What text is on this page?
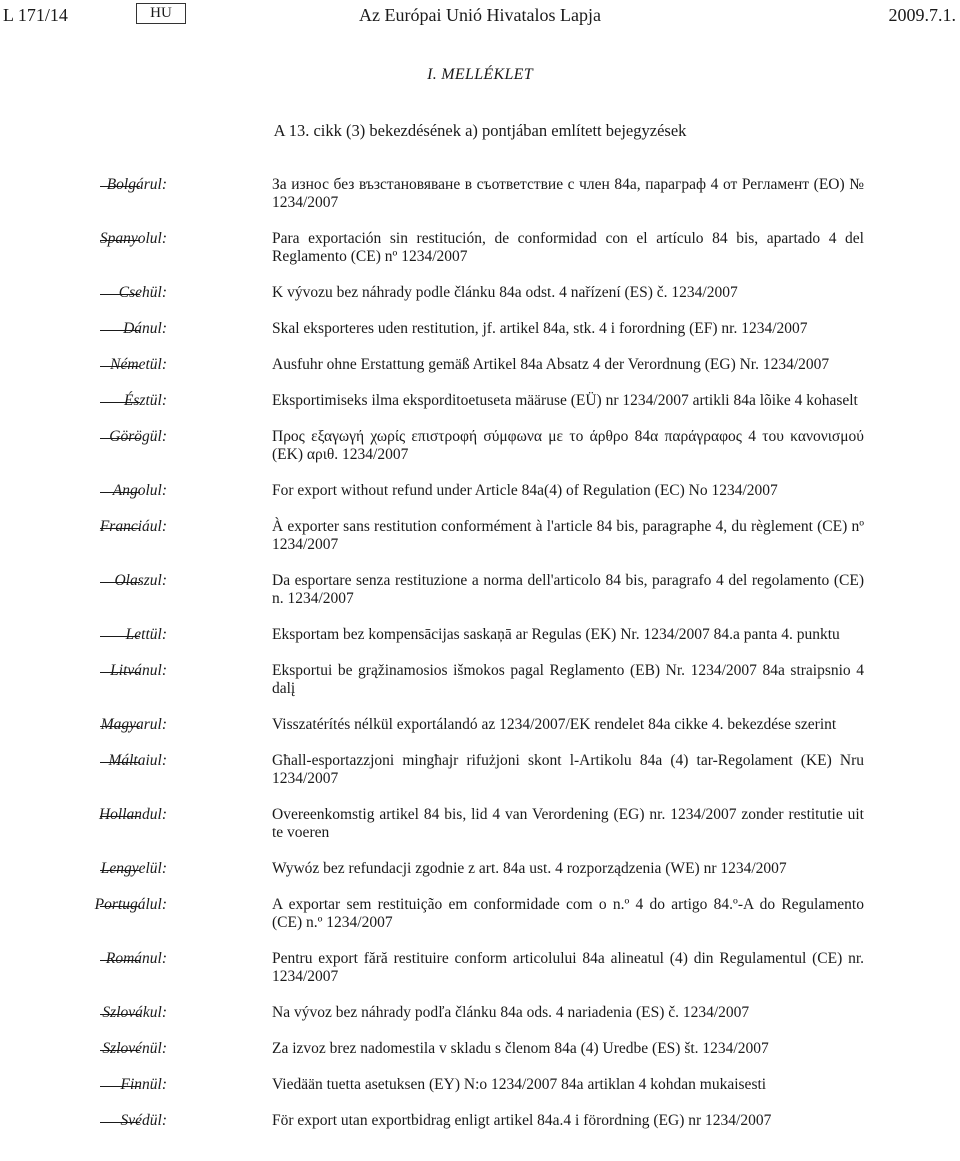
L 171/14	HU	Az Európai Unió Hivatalos Lapja	2009.7.1.
I. MELLÉKLET
A 13. cikk (3) bekezdésének a) pontjában említett bejegyzések
Bolgárul:	За износ без възстановяване в съответствие с член 84а, параграф 4 от Регламент (ЕО) № 1234/2007
Spanyolul:	Para exportación sin restitución, de conformidad con el artículo 84 bis, apartado 4 del Reglamento (CE) nº 1234/2007
Csehül:	K vývozu bez náhrady podle článku 84a odst. 4 nařízení (ES) č. 1234/2007
Dánul:	Skal eksporteres uden restitution, jf. artikel 84a, stk. 4 i forordning (EF) nr. 1234/2007
Németül:	Ausfuhr ohne Erstattung gemäß Artikel 84a Absatz 4 der Verordnung (EG) Nr. 1234/2007
Észtül:	Eksportimiseks ilma eksporditoetuseta määruse (EÜ) nr 1234/2007 artikli 84a lõike 4 kohaselt
Görögül:	Προς εξαγωγή χωρίς επιστροφή σύμφωνα με το άρθρο 84α παράγραφος 4 του κανονισμού (ΕΚ) αριθ. 1234/2007
Angolul:	For export without refund under Article 84a(4) of Regulation (EC) No 1234/2007
Franciául:	À exporter sans restitution conformément à l'article 84 bis, paragraphe 4, du règlement (CE) nº 1234/2007
Olaszul:	Da esportare senza restituzione a norma dell'articolo 84 bis, paragrafo 4 del regolamento (CE) n. 1234/2007
Lettül:	Eksportam bez kompensācijas saskaņā ar Regulas (EK) Nr. 1234/2007 84.a panta 4. punktu
Litvánul:	Eksportui be grąžinamosios išmokos pagal Reglamento (EB) Nr. 1234/2007 84a straipsnio 4 dalį
Magyarul:	Visszatérítés nélkül exportálandó az 1234/2007/EK rendelet 84a cikke 4. bekezdése szerint
Máltaiul:	Għall-esportazzjoni mingħajr rifużjoni skont l-Artikolu 84a (4) tar-Regolament (KE) Nru 1234/2007
Hollandul:	Overeenkomstig artikel 84 bis, lid 4 van Verordening (EG) nr. 1234/2007 zonder restitutie uit te voeren
Lengyelül:	Wywóz bez refundacji zgodnie z art. 84a ust. 4 rozporządzenia (WE) nr 1234/2007
Portugálul:	A exportar sem restituição em conformidade com o n.º 4 do artigo 84.º-A do Regulamento (CE) n.º 1234/2007
Románul:	Pentru export fără restituire conform articolului 84a alineatul (4) din Regulamentul (CE) nr. 1234/2007
Szlovákul:	Na vývoz bez náhrady podľa článku 84a ods. 4 nariadenia (ES) č. 1234/2007
Szlovénül:	Za izvoz brez nadomestila v skladu s členom 84a (4) Uredbe (ES) št. 1234/2007
Finnül:	Viedään tuetta asetuksen (EY) N:o 1234/2007 84a artiklan 4 kohdan mukaisesti
Svédül:	För export utan exportbidrag enligt artikel 84a.4 i förordning (EG) nr 1234/2007
